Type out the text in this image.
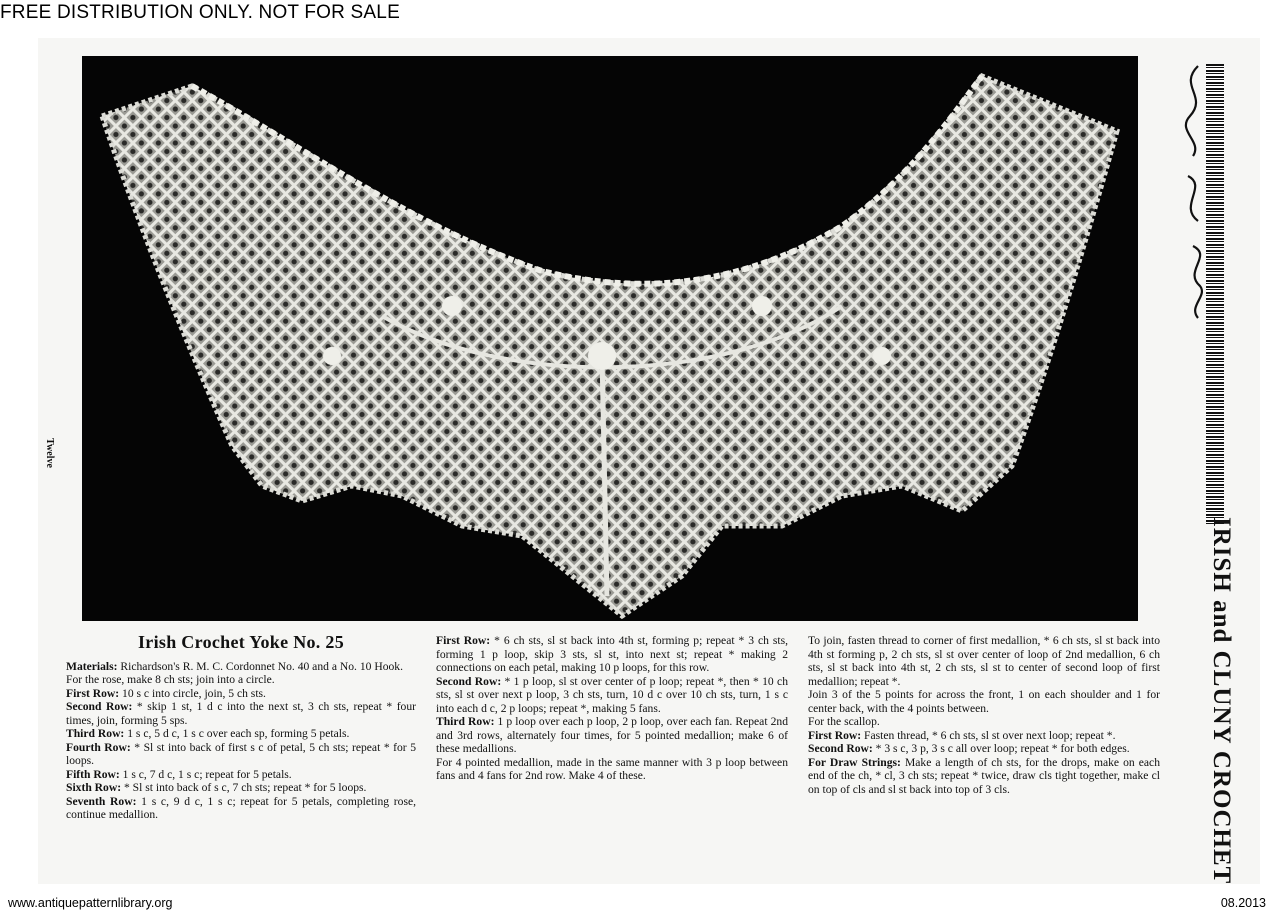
FREE DISTRIBUTION ONLY. NOT FOR SALE
Twelve
IRISH and CLUNY CROCHET
Irish Crochet Yoke No. 25

Materials: Richardson's R. M. C. Cordonnet No. 40 and a No. 10 Hook.

For the rose, make 8 ch sts; join into a circle.

First Row: 10 s c into circle, join, 5 ch sts.

Second Row: * skip 1 st, 1 d c into the next st, 3 ch sts, repeat * four times, join, forming 5 sps.

Third Row: 1 s c, 5 d c, 1 s c over each sp, forming 5 petals.

Fourth Row: * Sl st into back of first s c of petal, 5 ch sts; repeat * for 5 loops.

Fifth Row: 1 s c, 7 d c, 1 s c; repeat for 5 petals.

Sixth Row: * Sl st into back of s c, 7 ch sts; repeat * for 5 loops.

Seventh Row: 1 s c, 9 d c, 1 s c; repeat for 5 petals, completing rose, continue medallion.

First Row: * 6 ch sts, sl st back into 4th st, forming p; repeat * 3 ch sts, forming 1 p loop, skip 3 sts, sl st, into next st; repeat * making 2 connections on each petal, making 10 p loops, for this row.

Second Row: * 1 p loop, sl st over center of p loop; repeat *, then * 10 ch sts, sl st over next p loop, 3 ch sts, turn, 10 d c over 10 ch sts, turn, 1 s c into each d c, 2 p loops; repeat *, making 5 fans.

Third Row: 1 p loop over each p loop, 2 p loop, over each fan. Repeat 2nd and 3rd rows, alternately four times, for 5 pointed medallion; make 6 of these medallions.

For 4 pointed medallion, made in the same manner with 3 p loop between fans and 4 fans for 2nd row. Make 4 of these.

To join, fasten thread to corner of first medallion, * 6 ch sts, sl st back into 4th st forming p, 2 ch sts, sl st over center of loop of 2nd medallion, 6 ch sts, sl st back into 4th st, 2 ch sts, sl st to center of second loop of first medallion; repeat *.

Join 3 of the 5 points for across the front, 1 on each shoulder and 1 for center back, with the 4 points between.

For the scallop.

First Row: Fasten thread, * 6 ch sts, sl st over next loop; repeat *.

Second Row: * 3 s c, 3 p, 3 s c all over loop; repeat * for both edges.

For Draw Strings: Make a length of ch sts, for the drops, make on each end of the ch, * cl, 3 ch sts; repeat * twice, draw cls tight together, make cl on top of cls and sl st back into top of 3 cls.

www.antiquepatternlibrary.org	08.2013
